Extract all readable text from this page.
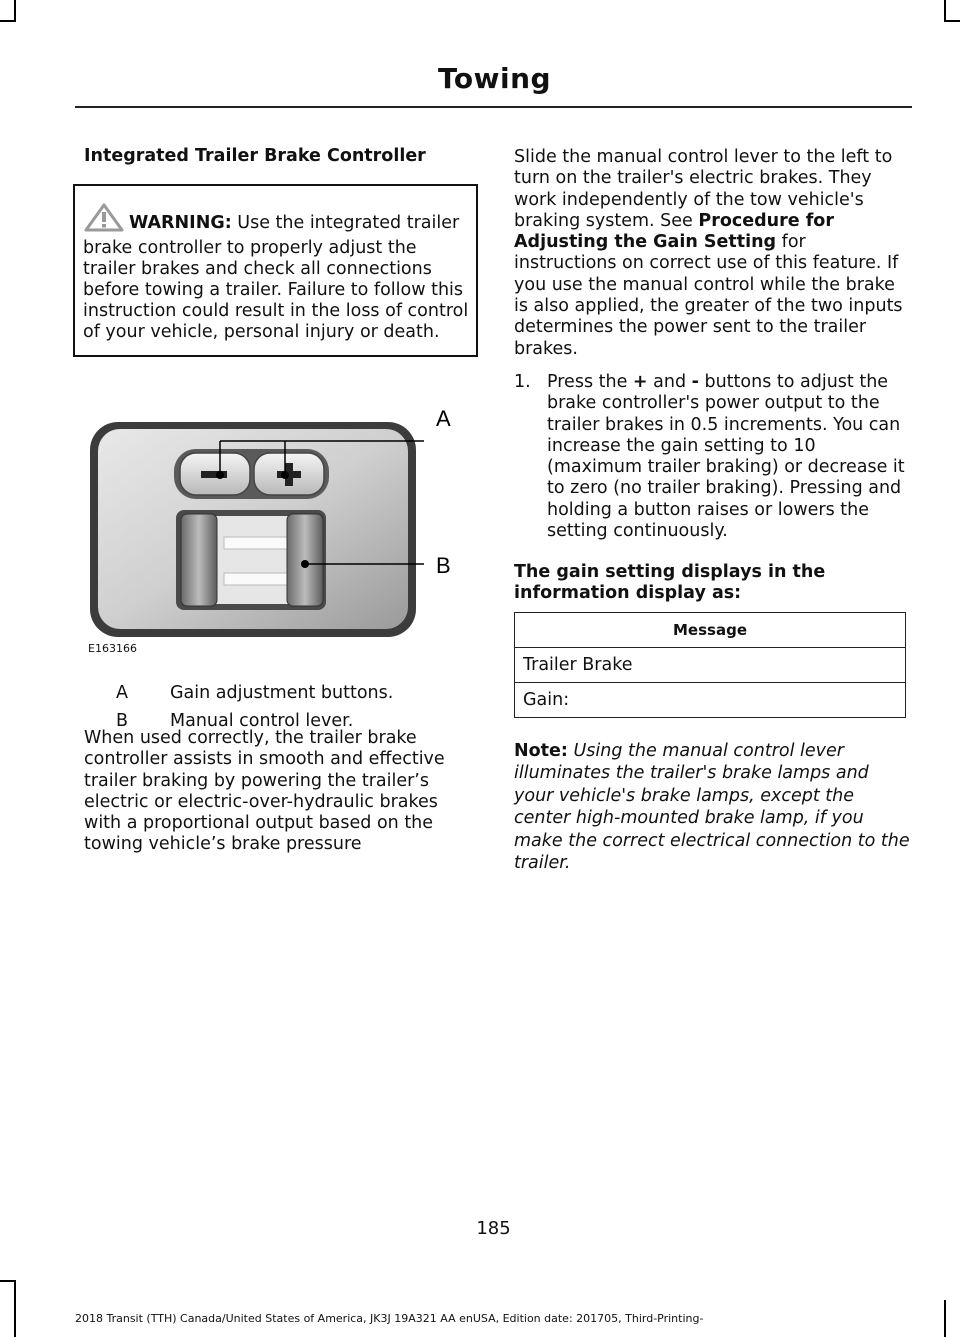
Towing
Integrated Trailer Brake Controller
WARNING: Use the integrated trailer brake controller to properly adjust the trailer brakes and check all connections before towing a trailer. Failure to follow this instruction could result in the loss of control of your vehicle, personal injury or death.
A
B
E163166
A	Gain adjustment buttons.
B	Manual control lever.

When used correctly, the trailer brake controller assists in smooth and effective trailer braking by powering the trailer’s electric or electric-over-hydraulic brakes with a proportional output based on the towing vehicle’s brake pressure

Slide the manual control lever to the left to turn on the trailer's electric brakes. They work independently of the tow vehicle's braking system. See Procedure for Adjusting the Gain Setting for instructions on correct use of this feature. If you use the manual control while the brake is also applied, the greater of the two inputs determines the power sent to the trailer brakes.

1. Press the + and - buttons to adjust the brake controller's power output to the trailer brakes in 0.5 increments. You can increase the gain setting to 10 (maximum trailer braking) or decrease it to zero (no trailer braking). Pressing and holding a button raises or lowers the setting continuously.
The gain setting displays in the information display as:
Message
Trailer Brake
Gain:
Note: Using the manual control lever illuminates the trailer's brake lamps and your vehicle's brake lamps, except the center high-mounted brake lamp, if you make the correct electrical connection to the trailer.
185
2018 Transit (TTH) Canada/United States of America, JK3J 19A321 AA enUSA, Edition date: 201705, Third-Printing-
